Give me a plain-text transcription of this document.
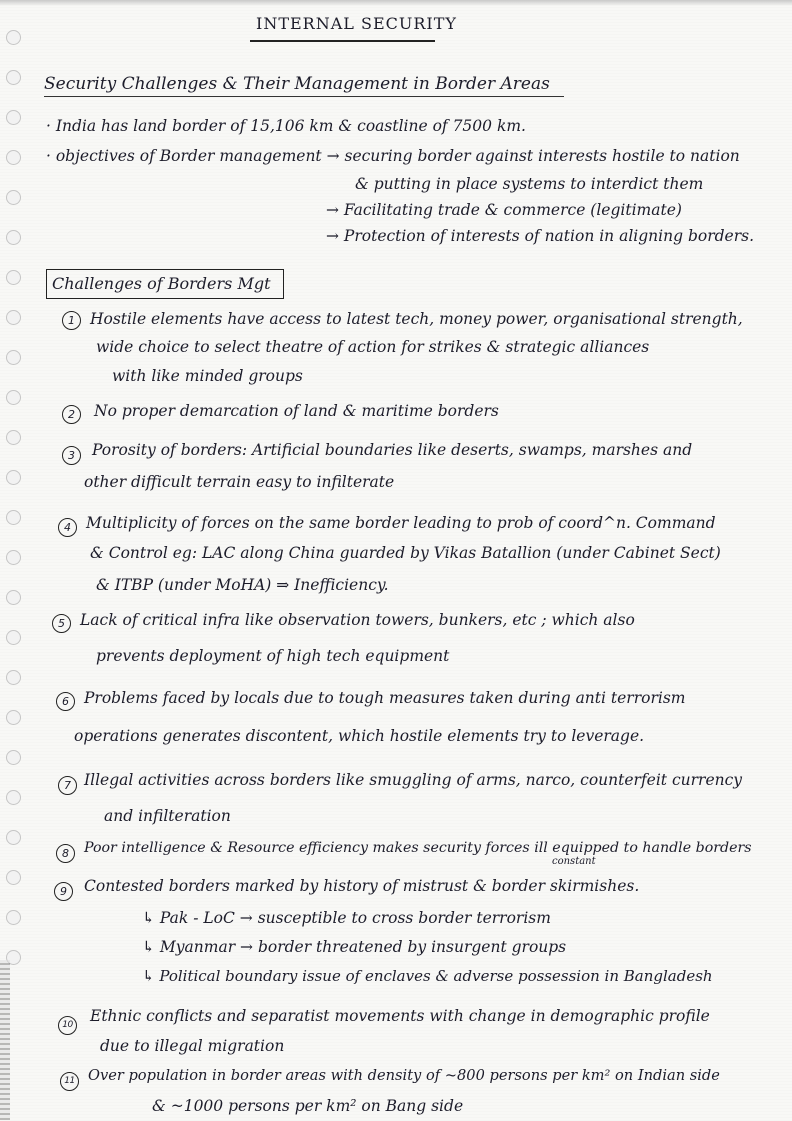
INTERNAL SECURITY
Security Challenges & Their Management in Border Areas
· India has land border of 15,106 km & coastline of 7500 km.
· objectives of Border management → securing border against interests hostile to nation
& putting in place systems to interdict them
→ Facilitating trade & commerce (legitimate)
→ Protection of interests of nation in aligning borders.
Challenges of Borders Mgt
1 Hostile elements have access to latest tech, money power, organisational strength,
wide choice to select theatre of action for strikes & strategic alliances
with like minded groups
2	No proper demarcation of land & maritime borders
3	Porosity of borders: Artificial boundaries like deserts, swamps, marshes and
other difficult terrain easy to infilterate
4 Multiplicity of forces on the same border leading to prob of coord^n. Command
& Control eg: LAC along China guarded by Vikas Batallion (under Cabinet Sect)
& ITBP (under MoHA) ⇒ Inefficiency.
5 Lack of critical infra like observation towers, bunkers, etc ; which also
prevents deployment of high tech equipment
6 Problems faced by locals due to tough measures taken during anti terrorism
operations generates discontent, which hostile elements try to leverage.
7 Illegal activities across borders like smuggling of arms, narco, counterfeit currency
and infilteration
8	Poor intelligence & Resource efficiency makes security forces ill equipped to handle borders
constant
9	Contested borders marked by history of mistrust & border skirmishes.
↳ Pak - LoC → susceptible to cross border terrorism
↳ Myanmar → border threatened by insurgent groups
↳ Political boundary issue of enclaves & adverse possession in Bangladesh
10 Ethnic conflicts and separatist movements with change in demographic profile
due to illegal migration
11 Over population in border areas with density of ~800 persons per km² on Indian side
& ~1000 persons per km² on Bang side
